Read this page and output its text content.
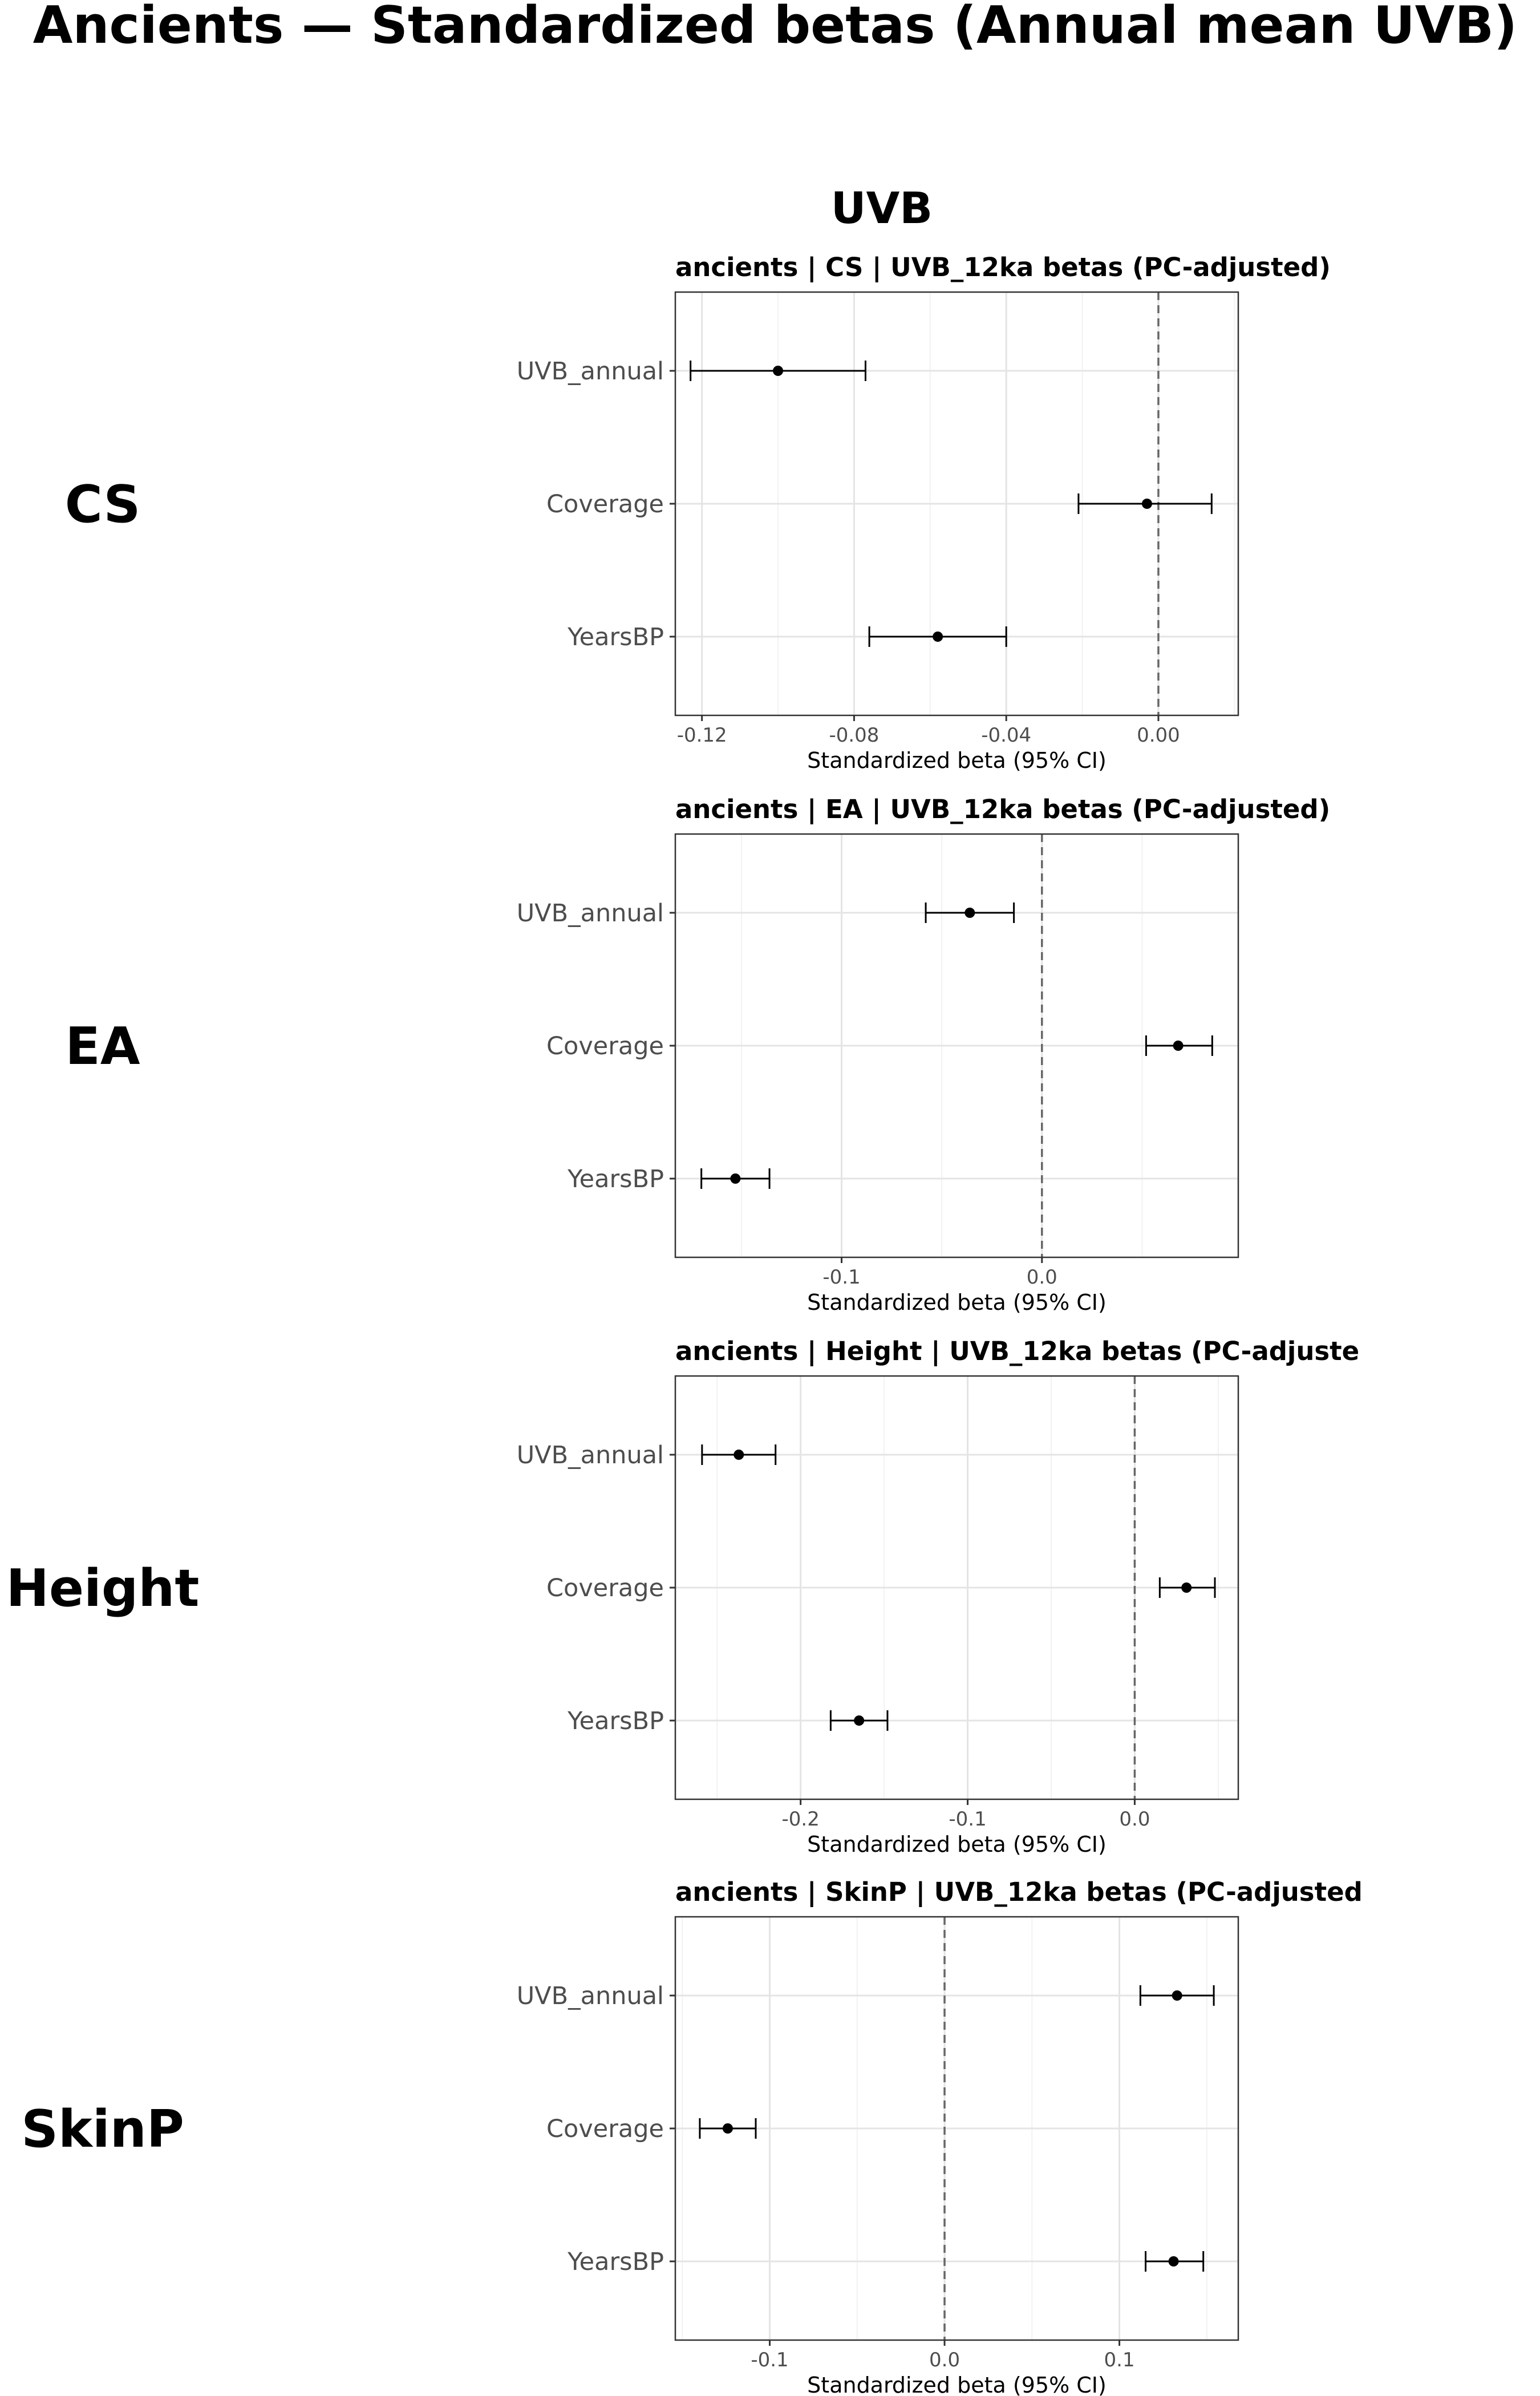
Ancients — Standardized betas (Annual mean UVB)
UVB
CS
ancients | CS | UVB_12ka betas (PC-adjusted)
UVB_annual
Coverage
YearsBP
-0.12	-0.08	-0.04	0.00
Standardized beta (95% CI)
EA
ancients | EA | UVB_12ka betas (PC-adjusted)
UVB_annual
Coverage
YearsBP
-0.1	0.0
Standardized beta (95% CI)
Height
ancients | Height | UVB_12ka betas (PC-adjuste
UVB_annual
Coverage
YearsBP
-0.2	-0.1	0.0
Standardized beta (95% CI)
SkinP
ancients | SkinP | UVB_12ka betas (PC-adjusted
UVB_annual
Coverage
YearsBP
-0.1	0.0	0.1
Standardized beta (95% CI)
